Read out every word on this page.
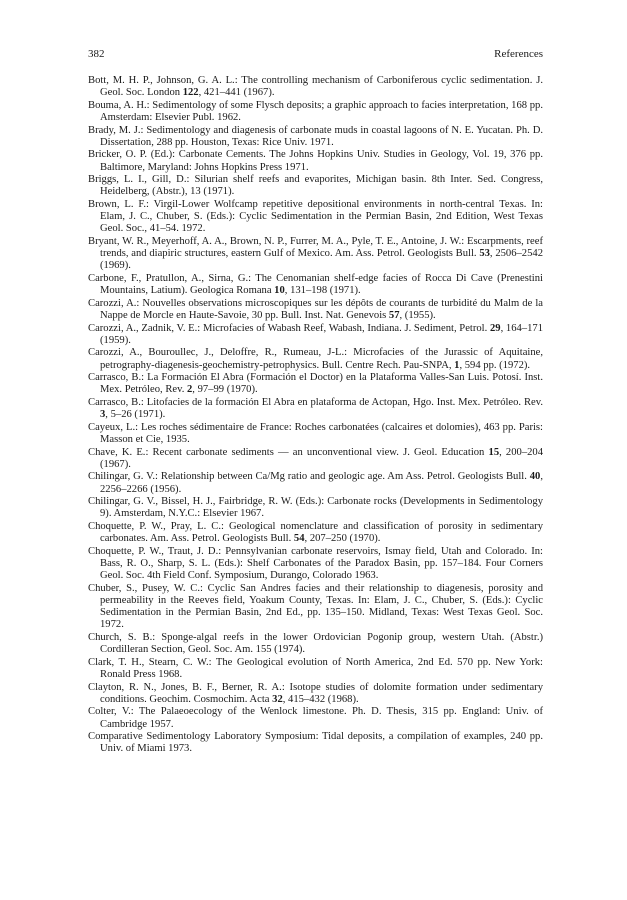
382	References
Bott, M. H. P., Johnson, G. A. L.: The controlling mechanism of Carboniferous cyclic sedimentation. J. Geol. Soc. London 122, 421–441 (1967).
Bouma, A. H.: Sedimentology of some Flysch deposits; a graphic approach to facies interpretation, 168 pp. Amsterdam: Elsevier Publ. 1962.
Brady, M. J.: Sedimentology and diagenesis of carbonate muds in coastal lagoons of N. E. Yucatan. Ph. D. Dissertation, 288 pp. Houston, Texas: Rice Univ. 1971.
Bricker, O. P. (Ed.): Carbonate Cements. The Johns Hopkins Univ. Studies in Geology, Vol. 19, 376 pp. Baltimore, Maryland: Johns Hopkins Press 1971.
Briggs, L. I., Gill, D.: Silurian shelf reefs and evaporites, Michigan basin. 8th Inter. Sed. Congress, Heidelberg, (Abstr.), 13 (1971).
Brown, L. F.: Virgil-Lower Wolfcamp repetitive depositional environments in north-central Texas. In: Elam, J. C., Chuber, S. (Eds.): Cyclic Sedimentation in the Permian Basin, 2nd Edition, West Texas Geol. Soc., 41–54. 1972.
Bryant, W. R., Meyerhoff, A. A., Brown, N. P., Furrer, M. A., Pyle, T. E., Antoine, J. W.: Escarpments, reef trends, and diapiric structures, eastern Gulf of Mexico. Am. Ass. Petrol. Geologists Bull. 53, 2506–2542 (1969).
Carbone, F., Pratullon, A., Sirna, G.: The Cenomanian shelf-edge facies of Rocca Di Cave (Prenestini Mountains, Latium). Geologica Romana 10, 131–198 (1971).
Carozzi, A.: Nouvelles observations microscopiques sur les dépôts de courants de turbidité du Malm de la Nappe de Morcle en Haute-Savoie, 30 pp. Bull. Inst. Nat. Genevois 57, (1955).
Carozzi, A., Zadnik, V. E.: Microfacies of Wabash Reef, Wabash, Indiana. J. Sediment, Petrol. 29, 164–171 (1959).
Carozzi, A., Bouroullec, J., Deloffre, R., Rumeau, J-L.: Microfacies of the Jurassic of Aquitaine, petrography-diagenesis-geochemistry-petrophysics. Bull. Centre Rech. Pau-SNPA, 1, 594 pp. (1972).
Carrasco, B.: La Formación El Abra (Formación el Doctor) en la Plataforma Valles-San Luis. Potosí. Inst. Mex. Petróleo, Rev. 2, 97–99 (1970).
Carrasco, B.: Litofacies de la formación El Abra en plataforma de Actopan, Hgo. Inst. Mex. Petróleo. Rev. 3, 5–26 (1971).
Cayeux, L.: Les roches sédimentaire de France: Roches carbonatées (calcaires et dolomies), 463 pp. Paris: Masson et Cie, 1935.
Chave, K. E.: Recent carbonate sediments — an unconventional view. J. Geol. Education 15, 200–204 (1967).
Chilingar, G. V.: Relationship between Ca/Mg ratio and geologic age. Am Ass. Petrol. Geologists Bull. 40, 2256–2266 (1956).
Chilingar, G. V., Bissel, H. J., Fairbridge, R. W. (Eds.): Carbonate rocks (Developments in Sedimentology 9). Amsterdam, N.Y.C.: Elsevier 1967.
Choquette, P. W., Pray, L. C.: Geological nomenclature and classification of porosity in sedimentary carbonates. Am. Ass. Petrol. Geologists Bull. 54, 207–250 (1970).
Choquette, P. W., Traut, J. D.: Pennsylvanian carbonate reservoirs, Ismay field, Utah and Colorado. In: Bass, R. O., Sharp, S. L. (Eds.): Shelf Carbonates of the Paradox Basin, pp. 157–184. Four Corners Geol. Soc. 4th Field Conf. Symposium, Durango, Colorado 1963.
Chuber, S., Pusey, W. C.: Cyclic San Andres facies and their relationship to diagenesis, porosity and permeability in the Reeves field, Yoakum County, Texas. In: Elam, J. C., Chuber, S. (Eds.): Cyclic Sedimentation in the Permian Basin, 2nd Ed., pp. 135–150. Midland, Texas: West Texas Geol. Soc. 1972.
Church, S. B.: Sponge-algal reefs in the lower Ordovician Pogonip group, western Utah. (Abstr.) Cordilleran Section, Geol. Soc. Am. 155 (1974).
Clark, T. H., Stearn, C. W.: The Geological evolution of North America, 2nd Ed. 570 pp. New York: Ronald Press 1968.
Clayton, R. N., Jones, B. F., Berner, R. A.: Isotope studies of dolomite formation under sedimentary conditions. Geochim. Cosmochim. Acta 32, 415–432 (1968).
Colter, V.: The Palaeoecology of the Wenlock limestone. Ph. D. Thesis, 315 pp. England: Univ. of Cambridge 1957.
Comparative Sedimentology Laboratory Symposium: Tidal deposits, a compilation of examples, 240 pp. Univ. of Miami 1973.
